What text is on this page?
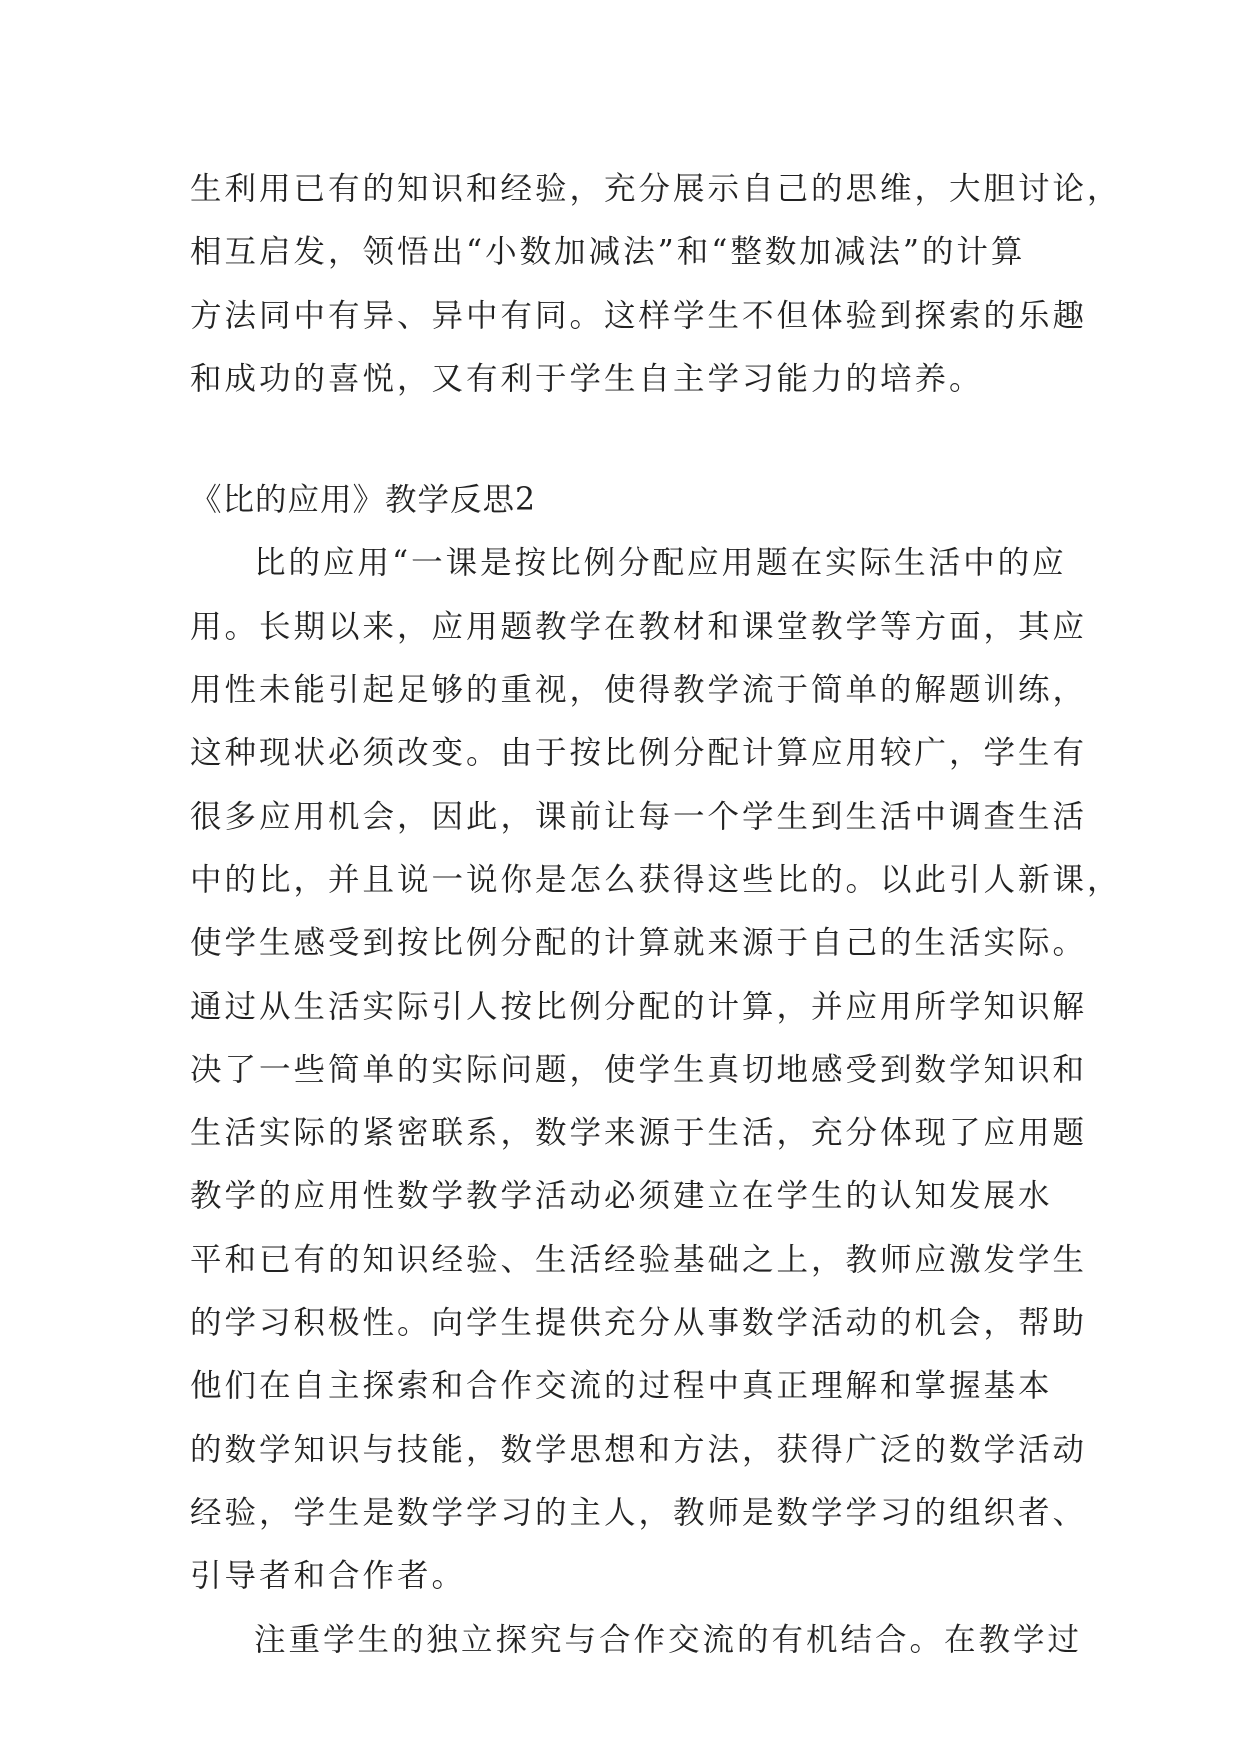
生利用已有的知识和经验，充分展示自己的思维，大胆讨论，
相互启发，领悟出“小数加减法”和“整数加减法”的计算
方法同中有异、异中有同。这样学生不但体验到探索的乐趣
和成功的喜悦，又有利于学生自主学习能力的培养。
《比的应用》教学反思2
比的应用“一课是按比例分配应用题在实际生活中的应
用。长期以来，应用题教学在教材和课堂教学等方面，其应
用性未能引起足够的重视，使得教学流于简单的解题训练，
这种现状必须改变。由于按比例分配计算应用较广，学生有
很多应用机会，因此，课前让每一个学生到生活中调查生活
中的比，并且说一说你是怎么获得这些比的。以此引人新课，
使学生感受到按比例分配的计算就来源于自己的生活实际。
通过从生活实际引人按比例分配的计算，并应用所学知识解
决了一些简单的实际问题，使学生真切地感受到数学知识和
生活实际的紧密联系，数学来源于生活，充分体现了应用题
教学的应用性数学教学活动必须建立在学生的认知发展水
平和已有的知识经验、生活经验基础之上，教师应激发学生
的学习积极性。向学生提供充分从事数学活动的机会，帮助
他们在自主探索和合作交流的过程中真正理解和掌握基本
的数学知识与技能，数学思想和方法，获得广泛的数学活动
经验，学生是数学学习的主人，教师是数学学习的组织者、
引导者和合作者。
注重学生的独立探究与合作交流的有机结合。在教学过
